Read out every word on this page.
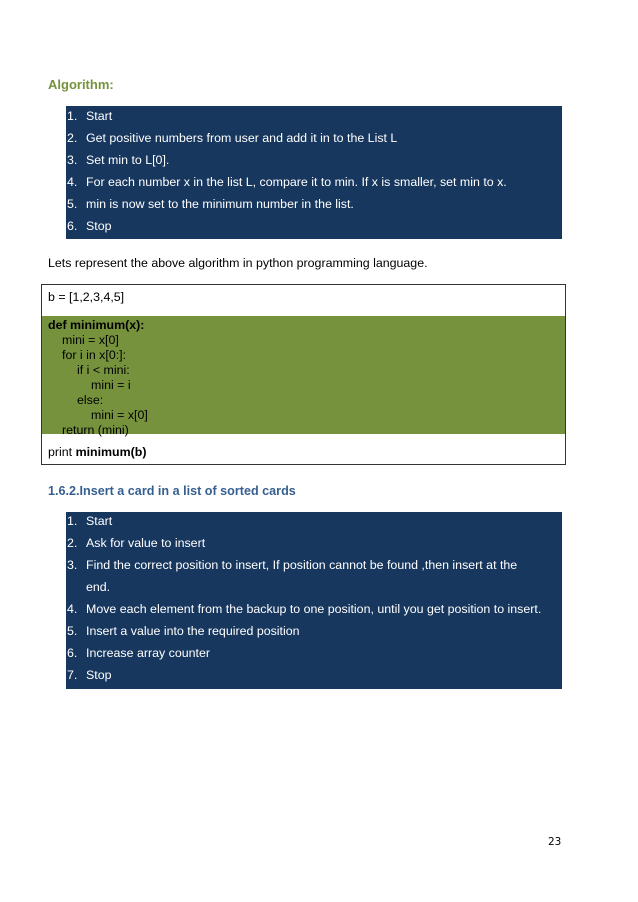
Algorithm:
1. Start
2. Get positive numbers from user and add it in to the List L
3. Set min to L[0].
4. For each number x in the list L, compare it to min. If x is smaller, set min to x.
5. min is now set to the minimum number in the list.
6. Stop
Lets represent the above algorithm in python programming language.
b = [1,2,3,4,5]
def minimum(x):
mini = x[0]
for i in x[0:]:
if i < mini:
mini = i
else:
mini = x[0]
return (mini)
print minimum(b)
1.6.2.Insert a card in a list of sorted cards
1. Start
2. Ask for value to insert
3. Find the correct position to insert, If position cannot be found ,then insert at the
end.
4. Move each element from the backup to one position, until you get position to insert.
5. Insert a value into the required position
6. Increase array counter
7. Stop
23
